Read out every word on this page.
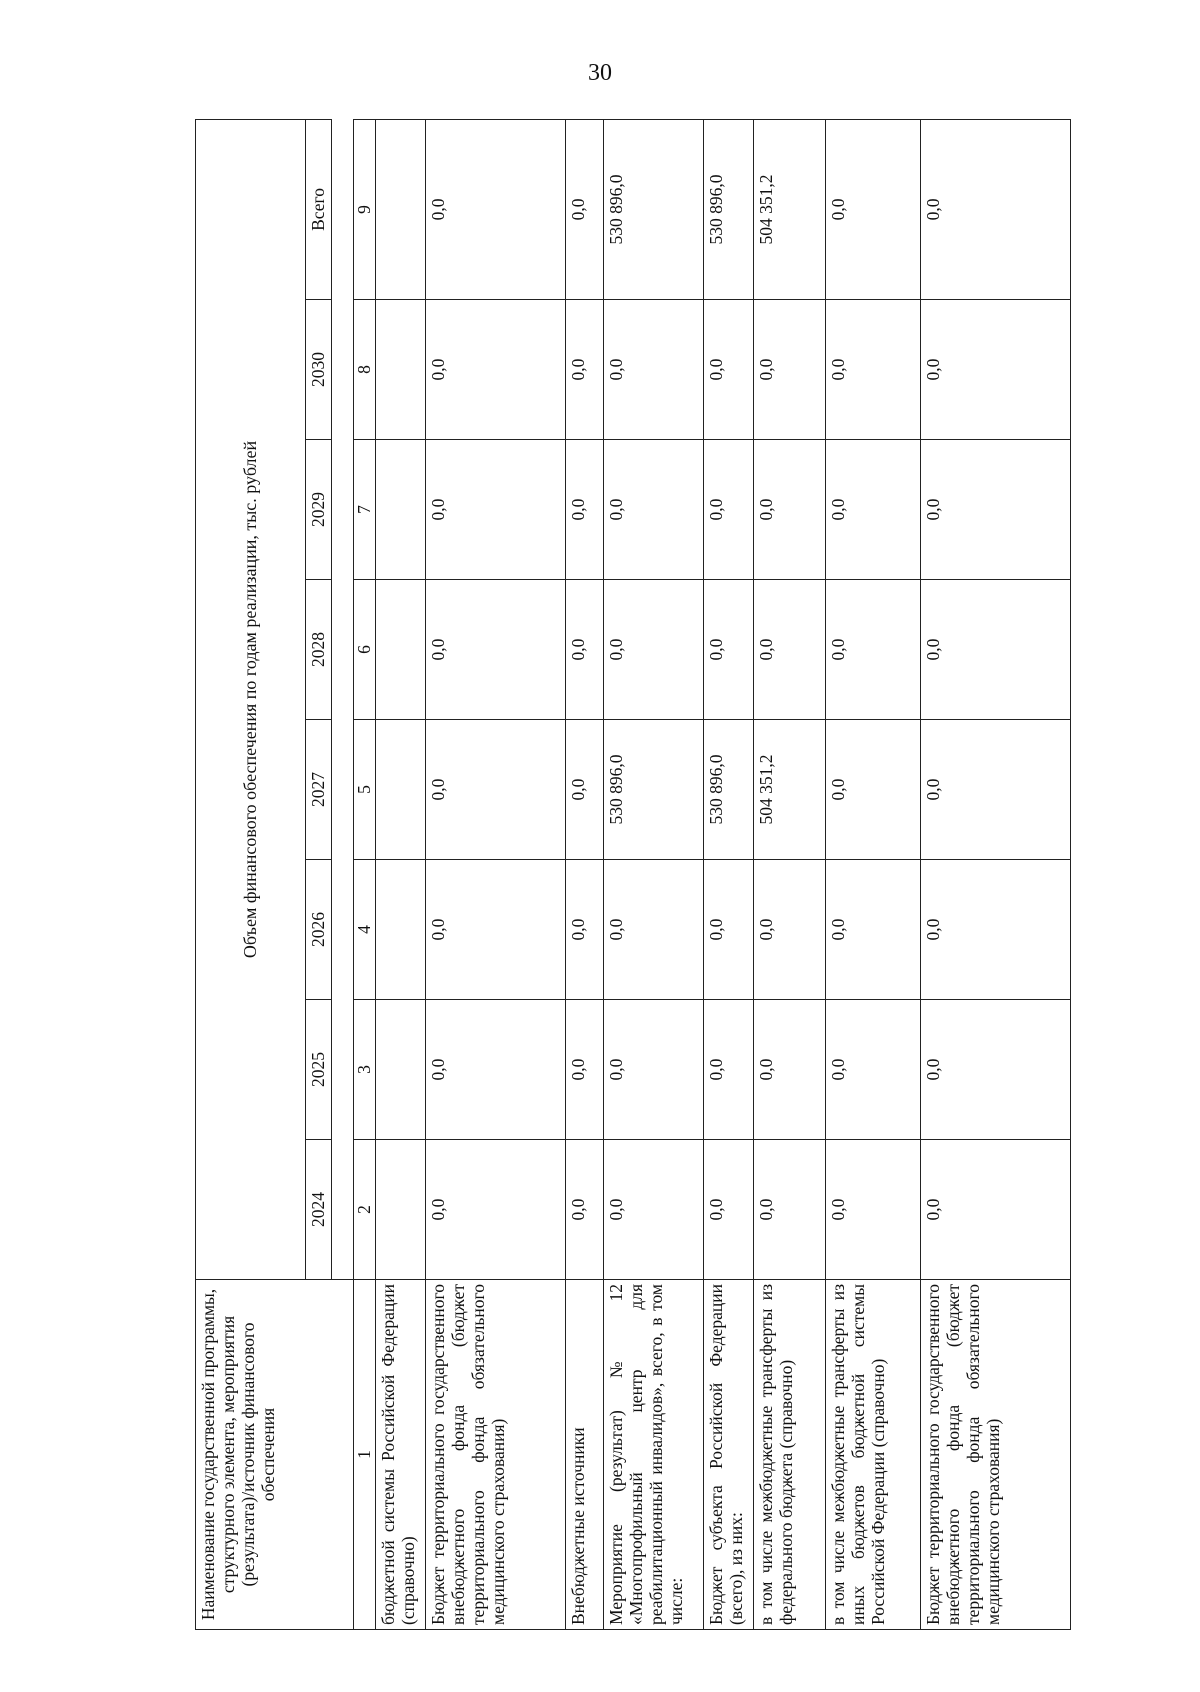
30
Наименование государственной программы, структурного элемента, мероприятия (результата)/источник финансового обеспечения	Объем финансового обеспечения по годам реализации, тыс. рублей							
	2024	2025	2026	2027	2028	2029	2030	Всего

1	2	3	4	5	6	7	8	9
бюджетной системы Российской Федерации (справочно)								
Бюджет территориального государственного внебюджетного фонда (бюджет территориального фонда обязательного медицинского страхования)	0,0	0,0	0,0	0,0	0,0	0,0	0,0	0,0
Внебюджетные источники	0,0	0,0	0,0	0,0	0,0	0,0	0,0	0,0
Мероприятие (результат) № 12 «Многопрофильный центр для реабилитационный инвалидов», всего, в том числе:	0,0	0,0	0,0	530 896,0	0,0	0,0	0,0	530 896,0
Бюджет субъекта Российской Федерации (всего), из них:	0,0	0,0	0,0	530 896,0	0,0	0,0	0,0	530 896,0
в том числе межбюджетные трансферты из федерального бюджета (справочно)	0,0	0,0	0,0	504 351,2	0,0	0,0	0,0	504 351,2
в том числе межбюджетные трансферты из иных бюджетов бюджетной системы Российской Федерации (справочно)	0,0	0,0	0,0	0,0	0,0	0,0	0,0	0,0
Бюджет территориального государственного внебюджетного фонда (бюджет территориального фонда обязательного медицинского страхования)	0,0	0,0	0,0	0,0	0,0	0,0	0,0	0,0
